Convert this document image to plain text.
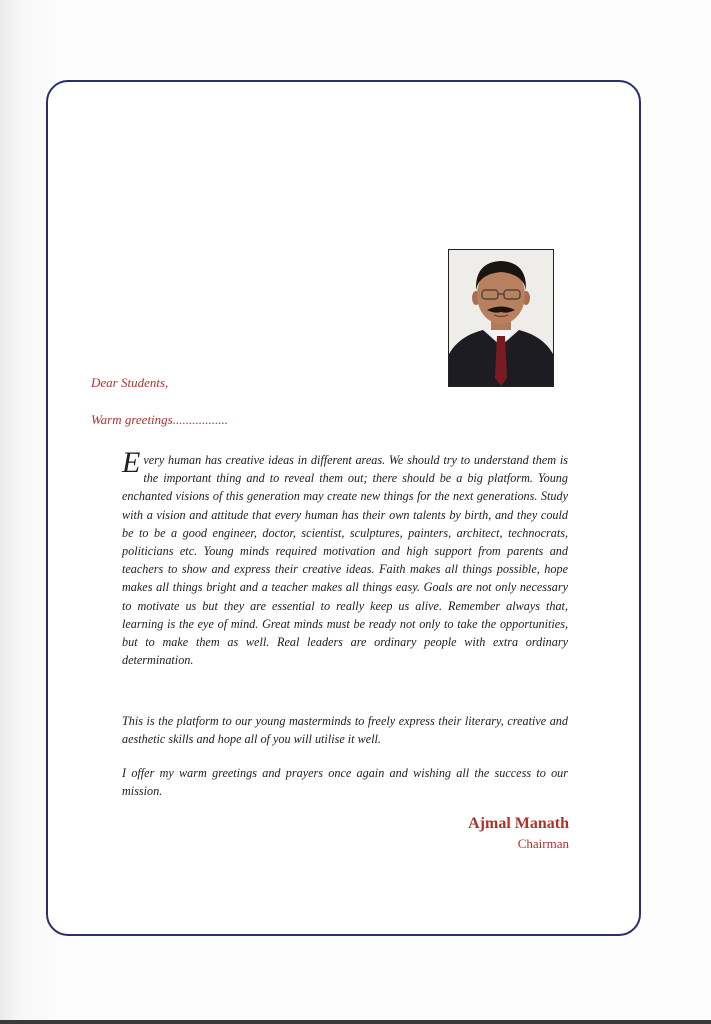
Dear Students,
Warm greetings.................

Every human has creative ideas in different areas. We should try to understand them is the important thing and to reveal them out; there should be a big platform. Young enchanted visions of this generation may create new things for the next generations. Study with a vision and attitude that every human has their own talents by birth, and they could be to be a good engineer, doctor, scientist, sculptures, painters, architect, technocrats, politicians etc. Young minds required motivation and high support from parents and teachers to show and express their creative ideas. Faith makes all things possible, hope makes all things bright and a teacher makes all things easy. Goals are not only necessary to motivate us but they are essential to really keep us alive. Remember always that, learning is the eye of mind. Great minds must be ready not only to take the opportunities, but to make them as well. Real leaders are ordinary people with extra ordinary determination.

This is the platform to our young masterminds to freely express their literary, creative and aesthetic skills and hope all of you will utilise it well.

I offer my warm greetings and prayers once again and wishing all the success to our mission.

Ajmal Manath
Chairman
